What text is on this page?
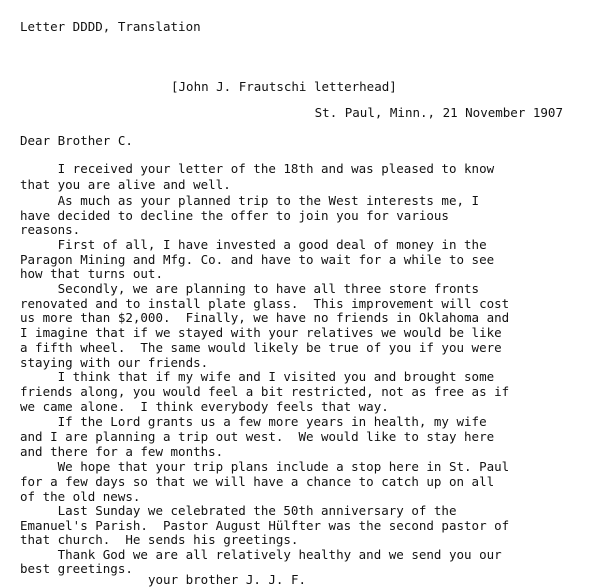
Letter DDDD, Translation
[John J. Frautschi letterhead]
St. Paul, Minn., 21 November 1907
Dear Brother C.
I received your letter of the 18th and was pleased to know
that you are alive and well.
As much as your planned trip to the West interests me, I
have decided to decline the offer to join you for various
reasons.
First of all, I have invested a good deal of money in the
Paragon Mining and Mfg. Co. and have to wait for a while to see
how that turns out.
Secondly, we are planning to have all three store fronts
renovated and to install plate glass.  This improvement will cost
us more than $2,000.  Finally, we have no friends in Oklahoma and
I imagine that if we stayed with your relatives we would be like
a fifth wheel.  The same would likely be true of you if you were
staying with our friends.
I think that if my wife and I visited you and brought some
friends along, you would feel a bit restricted, not as free as if
we came alone.  I think everybody feels that way.
If the Lord grants us a few more years in health, my wife
and I are planning a trip out west.  We would like to stay here
and there for a few months.
We hope that your trip plans include a stop here in St. Paul
for a few days so that we will have a chance to catch up on all
of the old news.
Last Sunday we celebrated the 50th anniversary of the
Emanuel's Parish.  Pastor August Hülfter was the second pastor of
that church.  He sends his greetings.
Thank God we are all relatively healthy and we send you our
best greetings.
your brother J. J. F.
